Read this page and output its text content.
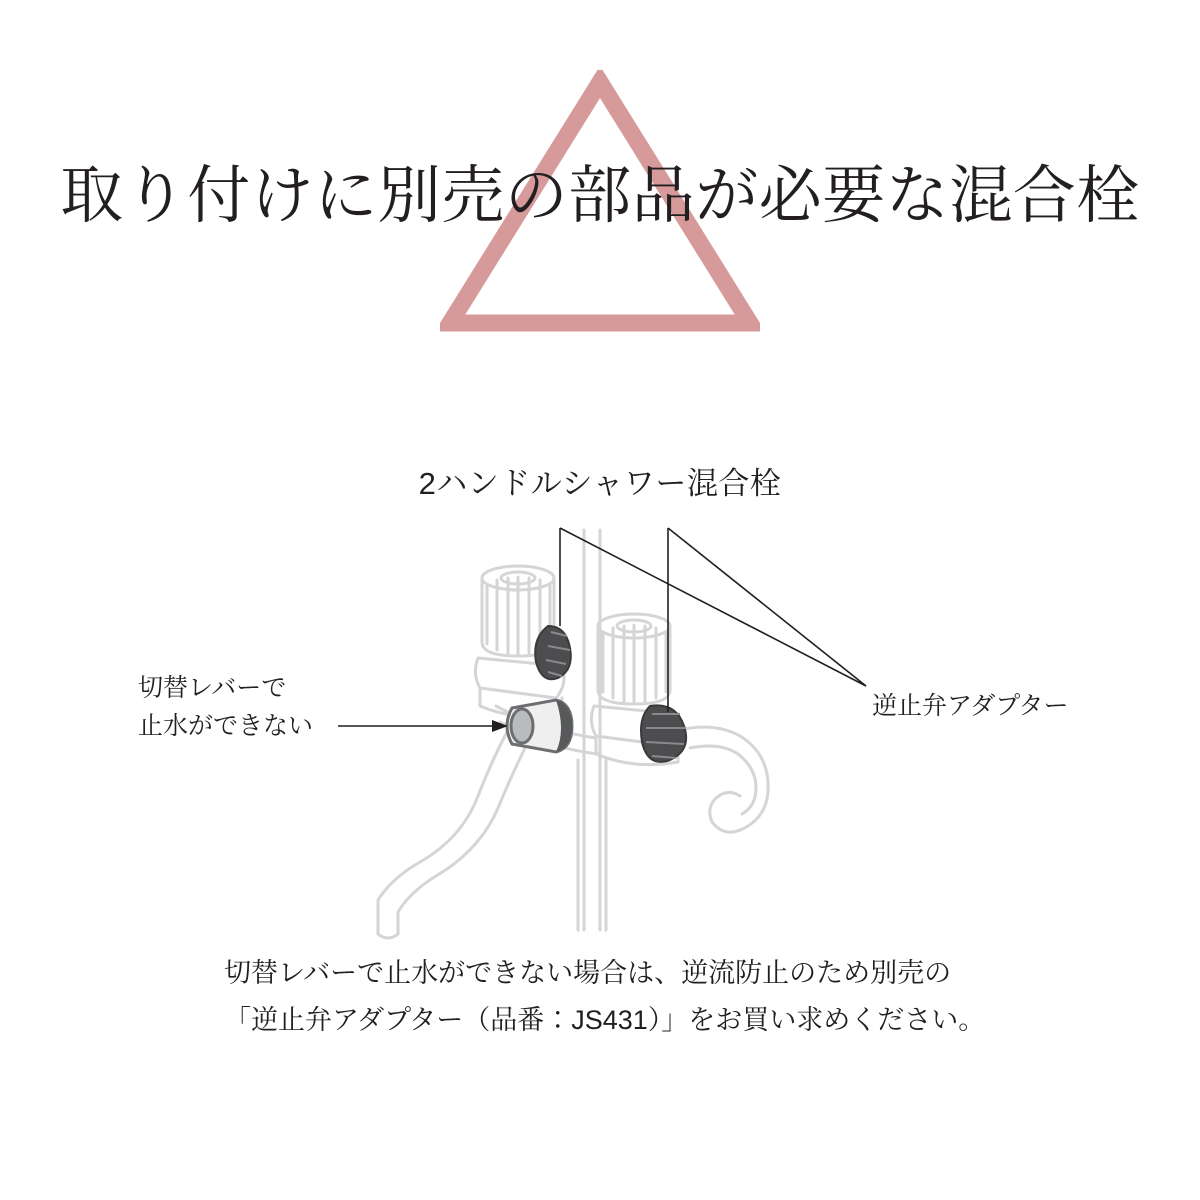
取り付けに別売の部品が必要な混合栓
2ハンドルシャワー混合栓
切替レバーで
止水ができない
逆止弁アダプター
切替レバーで止水ができない場合は、逆流防止のため別売の
「逆止弁アダプター（品番：JS431）」をお買い求めください。
